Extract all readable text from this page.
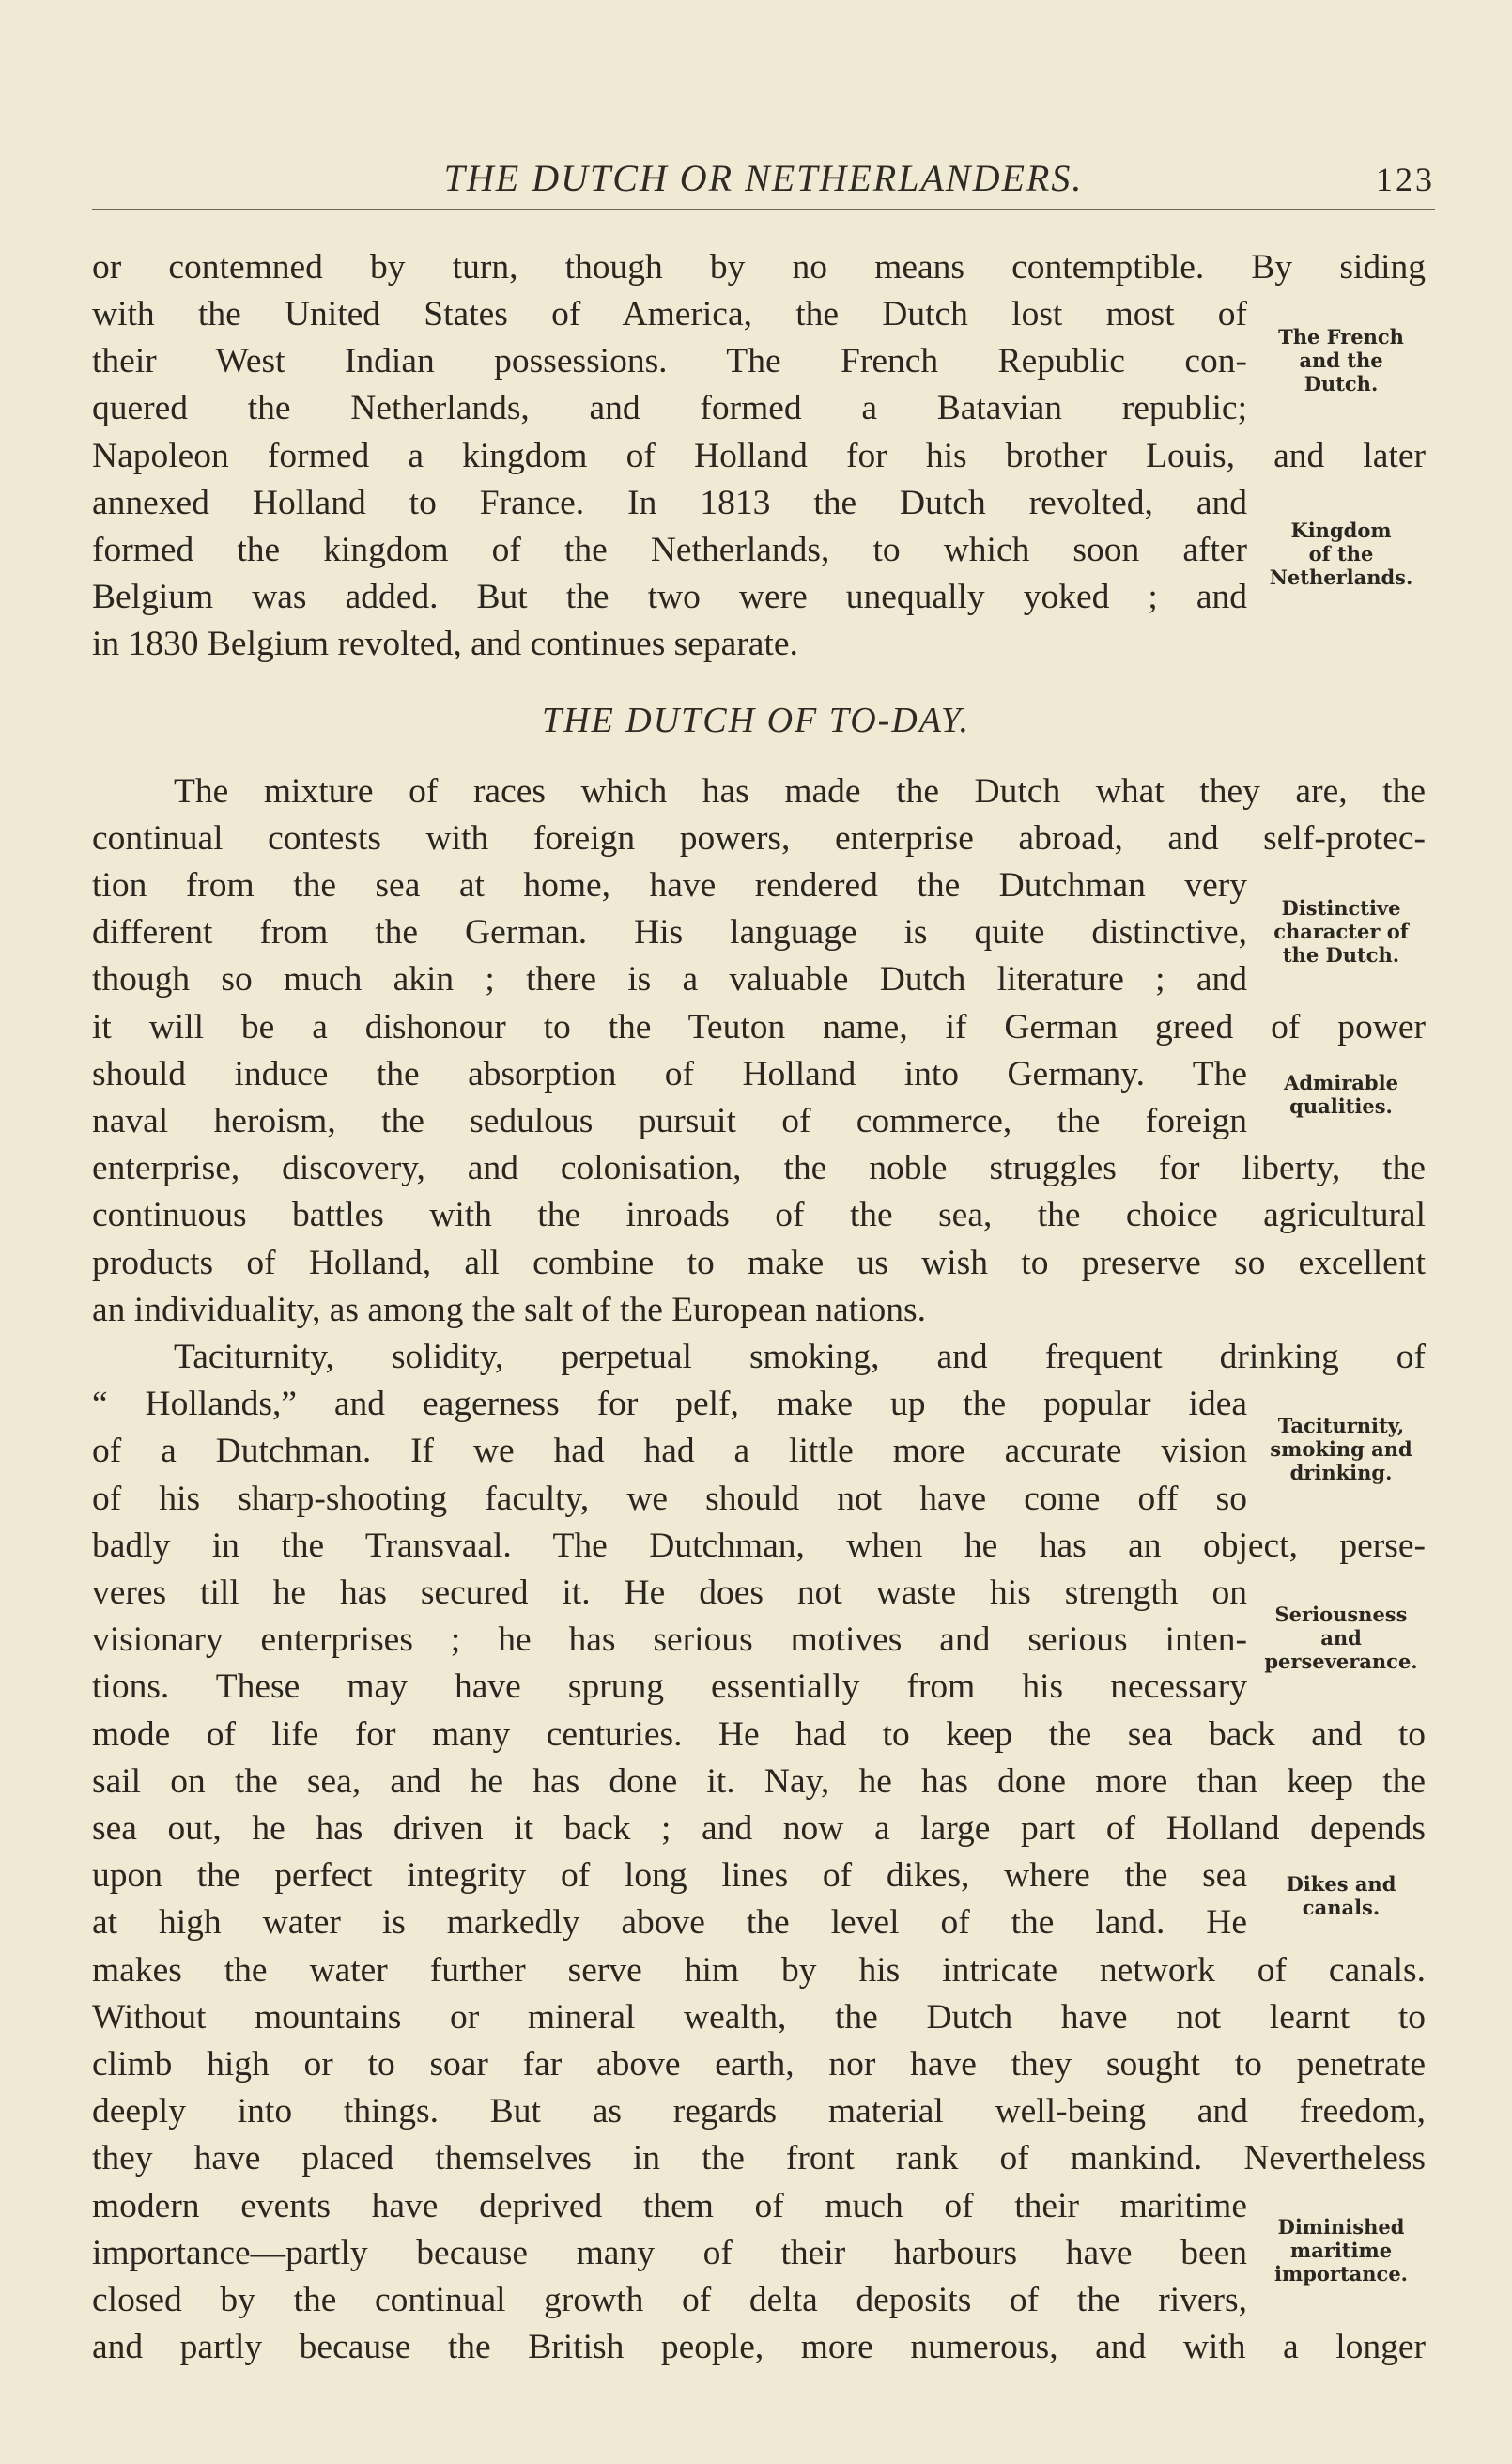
THE DUTCH OR NETHERLANDERS.	123
or contemned by turn, though by no means contemptible. By siding
with the United States of America, the Dutch lost most of
their West Indian possessions. The French Republic con-
quered the Netherlands, and formed a Batavian republic;
Napoleon formed a kingdom of Holland for his brother Louis, and later
annexed Holland to France. In 1813 the Dutch revolted, and
formed the kingdom of the Netherlands, to which soon after
Belgium was added. But the two were unequally yoked ; and
in 1830 Belgium revolted, and continues separate.
THE DUTCH OF TO-DAY.
The mixture of races which has made the Dutch what they are, the
continual contests with foreign powers, enterprise abroad, and self-protec-
tion from the sea at home, have rendered the Dutchman very
different from the German. His language is quite distinctive,
though so much akin ; there is a valuable Dutch literature ; and
it will be a dishonour to the Teuton name, if German greed of power
should induce the absorption of Holland into Germany. The
naval heroism, the sedulous pursuit of commerce, the foreign
enterprise, discovery, and colonisation, the noble struggles for liberty, the
continuous battles with the inroads of the sea, the choice agricultural
products of Holland, all combine to make us wish to preserve so excellent
an individuality, as among the salt of the European nations.
Taciturnity, solidity, perpetual smoking, and frequent drinking of
“ Hollands,” and eagerness for pelf, make up the popular idea
of a Dutchman. If we had had a little more accurate vision
of his sharp-shooting faculty, we should not have come off so
badly in the Transvaal. The Dutchman, when he has an object, perse-
veres till he has secured it. He does not waste his strength on
visionary enterprises ; he has serious motives and serious inten-
tions. These may have sprung essentially from his necessary
mode of life for many centuries. He had to keep the sea back and to
sail on the sea, and he has done it. Nay, he has done more than keep the
sea out, he has driven it back ; and now a large part of Holland depends
upon the perfect integrity of long lines of dikes, where the sea
at high water is markedly above the level of the land. He
makes the water further serve him by his intricate network of canals.
Without mountains or mineral wealth, the Dutch have not learnt to
climb high or to soar far above earth, nor have they sought to penetrate
deeply into things. But as regards material well-being and freedom,
they have placed themselves in the front rank of mankind. Nevertheless
modern events have deprived them of much of their maritime
importance—partly because many of their harbours have been
closed by the continual growth of delta deposits of the rivers,
and partly because the British people, more numerous, and with a longer
The French
and the
Dutch.
Kingdom
of the
Netherlands.
Distinctive
character of
the Dutch.
Admirable
qualities.
Taciturnity,
smoking and
drinking.
Seriousness
and
perseverance.
Dikes and
canals.
Diminished
maritime
importance.
